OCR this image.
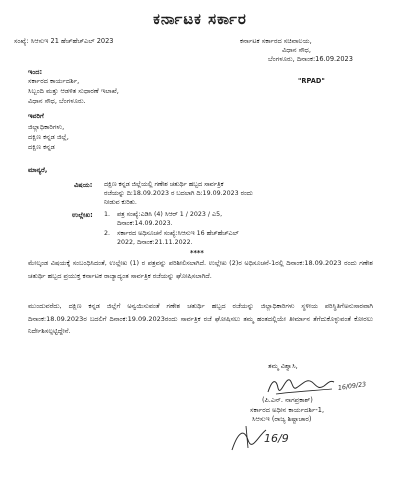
ಕರ್ನಾಟಕ ಸರ್ಕಾರ
ಸಂಖ್ಯೆ: ಸಿಆಸುಇ 21 ಹೆಚ್‌ಹೆಚ್‌ಎಲ್ 2023	ಕರ್ನಾಟಕ ಸರ್ಕಾರದ ಸಚಿವಾಲಯ,
ವಿಧಾನ ಸೌಧ,
ಬೆಂಗಳೂರು, ದಿನಾಂಕ:16.09.2023
ಇಂದ:
ಸರ್ಕಾರದ ಕಾರ್ಯದರ್ಶಿ,	"RPAD"
ಸಿಬ್ಬಂದಿ ಮತ್ತು ಆಡಳಿತ ಸುಧಾರಣೆ ಇಲಾಖೆ,
ವಿಧಾನ ಸೌಧ, ಬೆಂಗಳೂರು.
ಇವರಿಗೆ
ಜಿಲ್ಲಾಧಿಕಾರಿಗಳು,
ದಕ್ಷಿಣ ಕನ್ನಡ ಜಿಲ್ಲೆ,
ದಕ್ಷಿಣ ಕನ್ನಡ
ಮಾನ್ಯರೆ,
ವಿಷಯ: ದಕ್ಷಿಣ ಕನ್ನಡ ಜಿಲ್ಲೆಯಲ್ಲಿ ಗಣೇಶ ಚತುರ್ಥಿ ಹಬ್ಬದ ಸಾರ್ವತ್ರಿಕ
ರಜೆಯನ್ನು ದಿ:18.09.2023 ರ ಬದಲಾಗಿ ದಿ:19.09.2023 ರಂದು
ನೀಡುವ ಕುರಿತು.
ಉಲ್ಲೇಖ: 1. ಪತ್ರ ಸಂಖ್ಯೆ:ಎಡಿಸಿ (4) ಸಿಆರ್ 1 / 2023 / ಎ5,
ದಿನಾಂಕ:14.09.2023.
2. ಸರ್ಕಾರದ ಅಧಿಸೂಚನೆ ಸಂಖ್ಯೆ:ಸಿಆಸುಇ 16 ಹೆಚ್‌ಹೆಚ್‌ಎಲ್
2022, ದಿನಾಂಕ:21.11.2022.
****
ಮೇಲ್ಕಂಡ ವಿಷಯಕ್ಕೆ ಸಂಬಂಧಿಸಿದಂತೆ, ಉಲ್ಲೇಖ (1) ರ ಪತ್ರವನ್ನು ಪರಿಶೀಲಿಸಲಾಗಿದೆ. ಉಲ್ಲೇಖ (2)ರ ಅಧಿಸೂಚನೆ-1ರಲ್ಲಿ ದಿನಾಂಕ:18.09.2023 ರಂದು ಗಣೇಶ ಚತುರ್ಥಿ ಹಬ್ಬದ ಪ್ರಯುಕ್ತ ಕರ್ನಾಟಕ ರಾಜ್ಯಾದ್ಯಂತ ಸಾರ್ವತ್ರಿಕ ರಜೆಯನ್ನು ಘೋಷಿಸಲಾಗಿದೆ.
ಮುಂದುವರೆದು, ದಕ್ಷಿಣ ಕನ್ನಡ ಜಿಲ್ಲೆಗೆ ಅನ್ವಯಿಸುವಂತೆ ಗಣೇಶ ಚತುರ್ಥಿ ಹಬ್ಬದ ರಜೆಯನ್ನು ಜಿಲ್ಲಾಧಿಕಾರಿಗಳು ಸ್ಥಳೀಯ ಪರಿಸ್ಥಿತಿಗೆಅನುಸಾರವಾಗಿ ದಿನಾಂಕ:18.09.2023ರ ಬದಲಿಗೆ ದಿನಾಂಕ:19.09.2023ರಂದು ಸಾರ್ವತ್ರಿಕ ರಜೆ ಘೋಷಿಸಲು ತಮ್ಮ ಹಂತದಲ್ಲಿಯೇ ತೀರ್ಮಾನ ತೆಗೆದುಕೊಳ್ಳುವಂತೆ ಕೋರಲು ನಿರ್ದೇಶಿಸಲ್ಪಟ್ಟಿದ್ದೇನೆ.
ತಮ್ಮ ವಿಶ್ವಾಸಿ,
16/09/23
(ಪಿ.ಎನ್. ನಾಗಪ್ರಕಾಶ್)
ಸರ್ಕಾರದ ಅಧೀನ ಕಾರ್ಯದರ್ಶಿ-1,
ಸಿಆಸುಇ (ರಾಜ್ಯ ಶಿಷ್ಟಾಚಾರ)
16/9
